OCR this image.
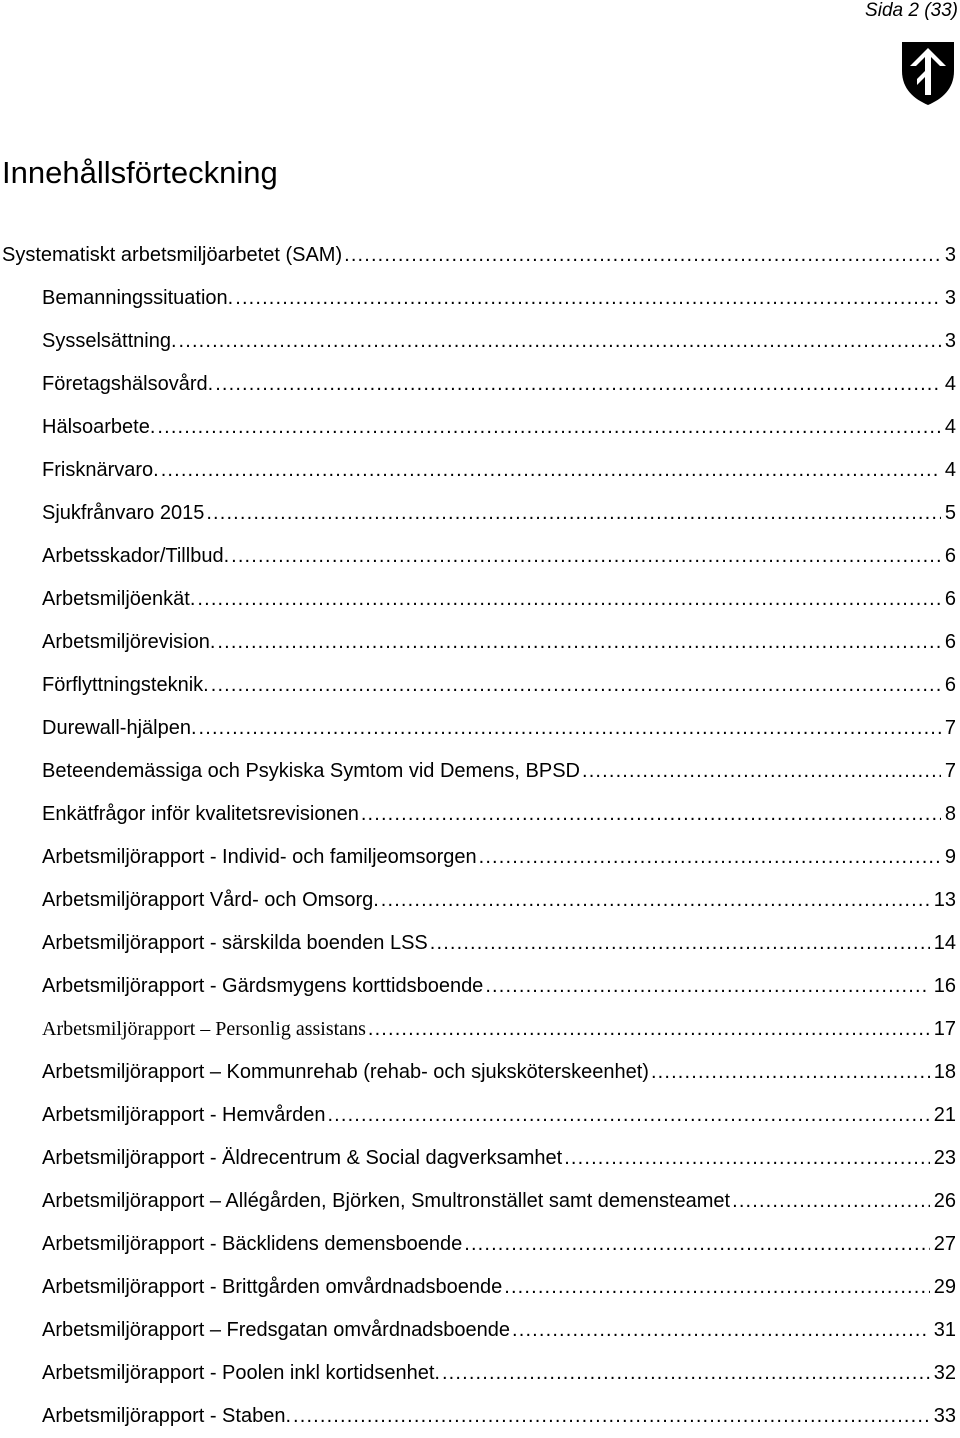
Sida 2 (33)
Innehållsförteckning
Systematiskt arbetsmiljöarbetet (SAM) . . .	3
Bemanningssituation. . . .	3
Sysselsättning. . . .	3
Företagshälsovård. . . .	4
Hälsoarbete. . . .	4
Frisknärvaro. . . .	4
Sjukfrånvaro 2015 . . .	5
Arbetsskador/Tillbud. . . .	6
Arbetsmiljöenkät. . . .	6
Arbetsmiljörevision. . . .	6
Förflyttningsteknik. . . .	6
Durewall-hjälpen. . . .	7
Beteendemässiga och Psykiska Symtom vid Demens, BPSD . . .	7
Enkätfrågor inför kvalitetsrevisionen . . .	8
Arbetsmiljörapport - Individ- och familjeomsorgen . . .	9
Arbetsmiljörapport Vård- och Omsorg. . . .	13
Arbetsmiljörapport - särskilda boenden LSS . . .	14
Arbetsmiljörapport - Gärdsmygens korttidsboende . . .	16
Arbetsmiljörapport – Personlig assistans . . .	17
Arbetsmiljörapport – Kommunrehab (rehab- och sjuksköterskeenhet) . . .	18
Arbetsmiljörapport - Hemvården . . .	21
Arbetsmiljörapport - Äldrecentrum & Social dagverksamhet . . .	23
Arbetsmiljörapport – Allégården, Björken, Smultronstället samt demensteamet . . .	26
Arbetsmiljörapport - Bäcklidens demensboende . . .	27
Arbetsmiljörapport - Brittgården omvårdnadsboende . . .	29
Arbetsmiljörapport – Fredsgatan omvårdnadsboende . . .	31
Arbetsmiljörapport - Poolen inkl kortidsenhet. . . .	32
Arbetsmiljörapport - Staben. . . .	33
